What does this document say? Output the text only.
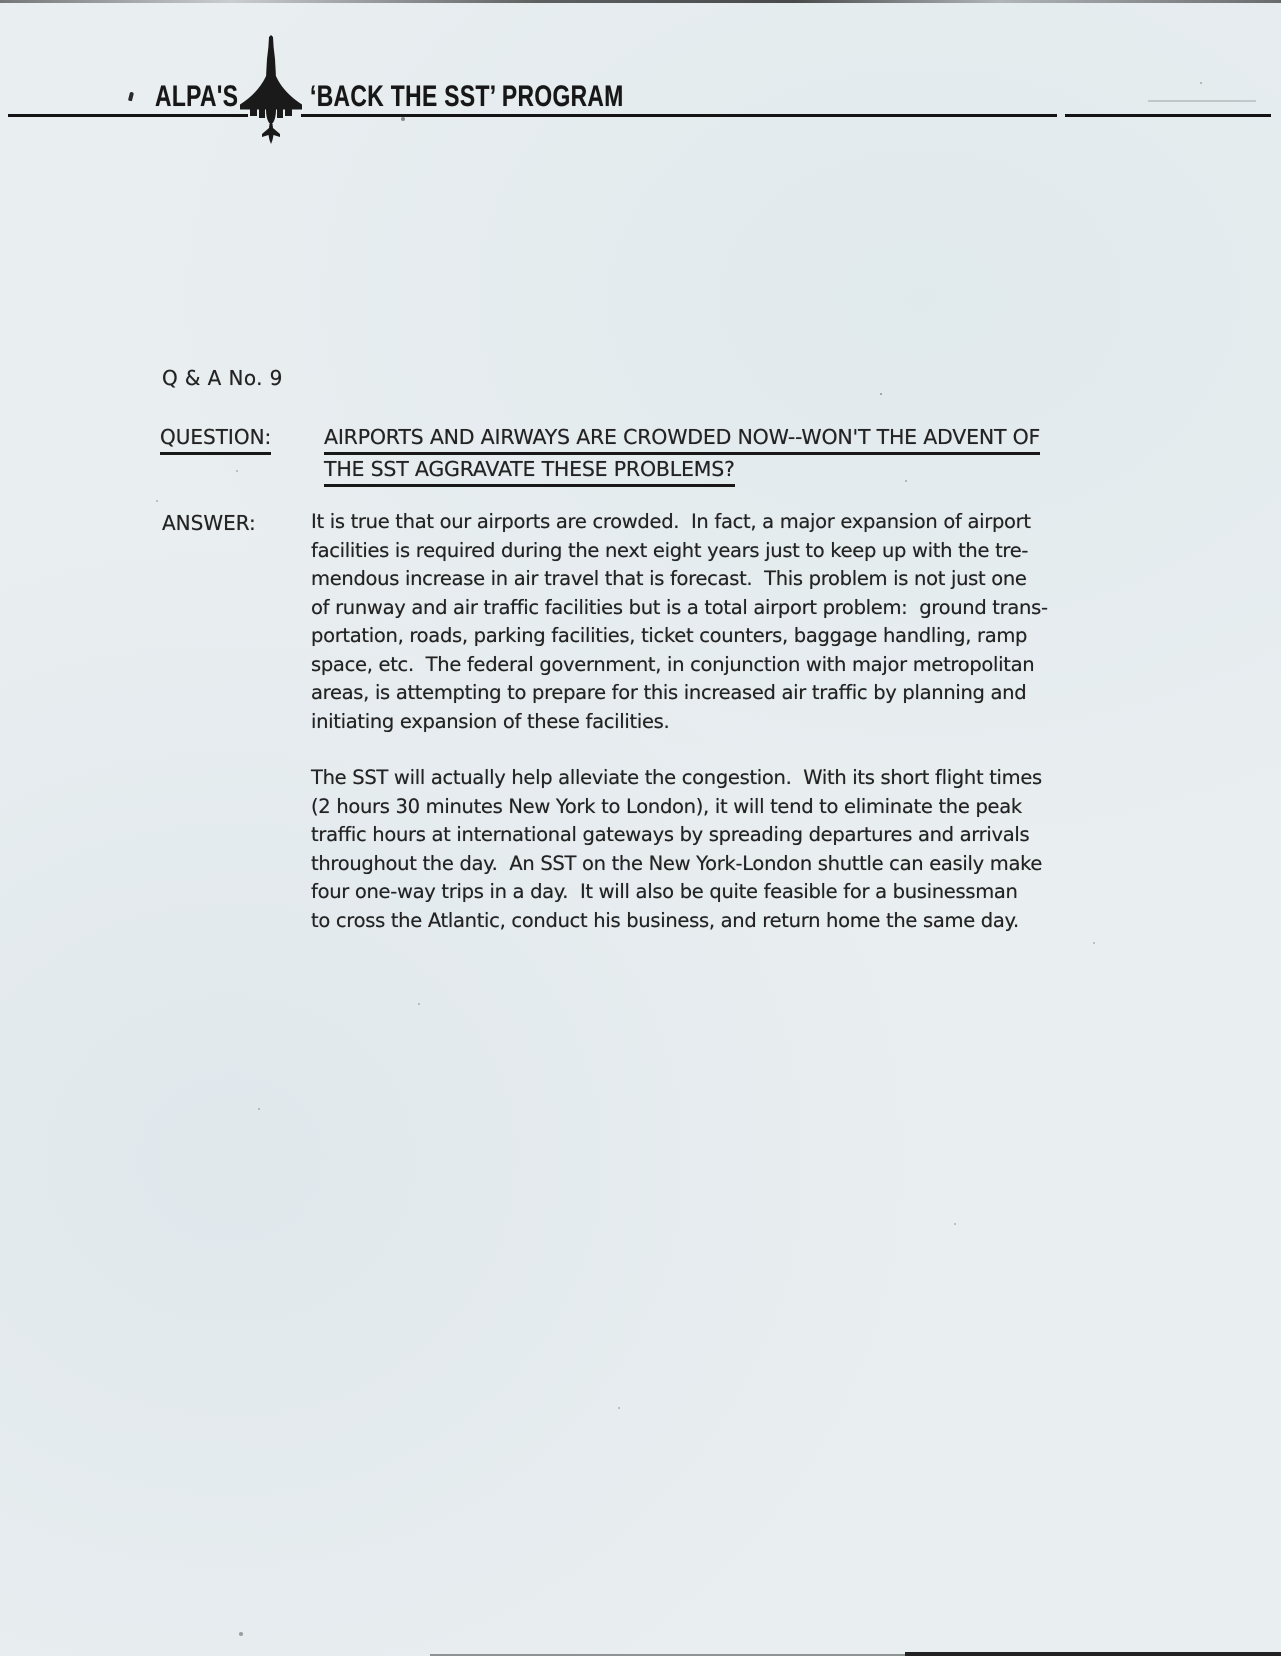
ALPA'S ‘BACK THE SST’ PROGRAM
Q & A No. 9
QUESTION:	AIRPORTS AND AIRWAYS ARE CROWDED NOW--WON'T THE ADVENT OF
THE SST AGGRAVATE THESE PROBLEMS?
ANSWER:	It is true that our airports are crowded.  In fact, a major expansion of airport
facilities is required during the next eight years just to keep up with the tre-
mendous increase in air travel that is forecast.  This problem is not just one
of runway and air traffic facilities but is a total airport problem:  ground trans-
portation, roads, parking facilities, ticket counters, baggage handling, ramp
space, etc.  The federal government, in conjunction with major metropolitan
areas, is attempting to prepare for this increased air traffic by planning and
initiating expansion of these facilities.
The SST will actually help alleviate the congestion.  With its short flight times
(2 hours 30 minutes New York to London), it will tend to eliminate the peak
traffic hours at international gateways by spreading departures and arrivals
throughout the day.  An SST on the New York-London shuttle can easily make
four one-way trips in a day.  It will also be quite feasible for a businessman
to cross the Atlantic, conduct his business, and return home the same day.
